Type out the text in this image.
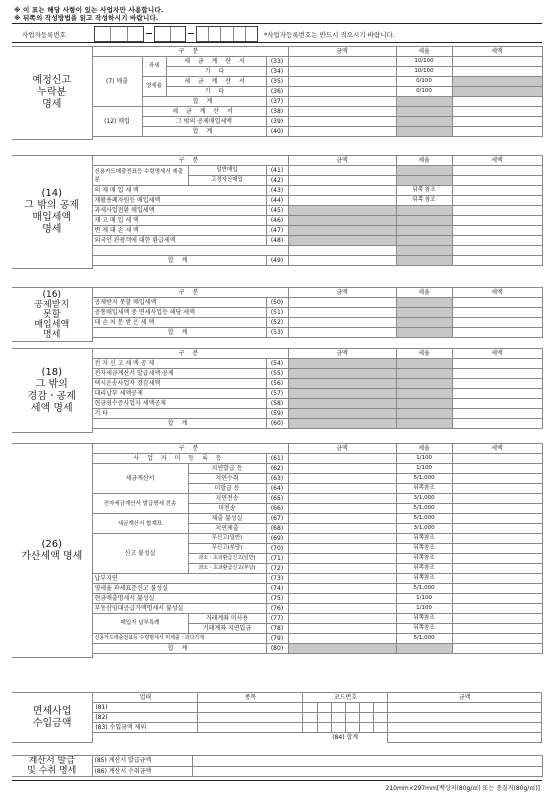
※ 이 표는 해당 사항이 있는 사업자만 사용합니다.
※ 뒤쪽의 작성방법을 읽고 작성하시기 바랍니다.
사업자등록번호	*사업자등록번호는 반드시 적으시기 바랍니다.
예정신고
누락분
명세	구 분				금액	세율	세액
	(7) 매출	과세	세 금 계 산 서	(33)		10/100	
			기 타	(34)		10/100	
		영세율	세 금 계 산 서	(35)		0/100	
			기 타	(36)		0/100	
		합 계		(37)			
	(12) 매입	세 금 계 산 서		(38)			
		그 밖의 공제매입세액		(39)			
		합 계		(40)			

(14)
그 밖의 공제
매입세액
명세	구 분			금액	세율	세액
	신용카드매출전표등 수령명세서 제출분	일반매입	(41)			
		고정자산매입	(42)			
	의 제 매 입 세 액		(43)		뒤쪽 참조	
	재활용폐자원등 매입세액		(44)		뒤쪽 참조	
	과세사업전환 매입세액		(45)			
	재 고 매 입 세 액		(46)			
	변 제 대 손 세 액		(47)			
	외국인 관광객에 대한 환급세액		(48)			

	합 계		(49)			

(16)
공제받지
못할
매입세액
명세	구 분		금액	세율	세액
	공제받지 못할 매입세액	(50)			
	공통매입세액 중 면세사업등 해당 세액	(51)			
	대 손 처 분 받 은 세 액	(52)			
	합 계	(53)			

(18)
그 밖의
경감ㆍ공제
세액 명세	구 분		금액	세율	세액
	전 자 신 고 세 액 공 제	(54)			
	전자세금계산서 발급세액 공제	(55)			
	택시운송사업자 경감세액	(56)			
	대리납부 세액공제	(57)			
	현금영수증사업자 세액공제	(58)			
	기 타	(59)			
	합 계	(60)			

(26)
가산세액 명세	구 분			금액	세율	세액
	사 업 자 미 등 록 등		(61)		1/100	
	세금계산서	지연발급 등	(62)		1/100	
		지연수취	(63)		5/1,000	
		미발급 등	(64)		뒤쪽참조	
	전자세금계산서 발급명세 전송	지연전송	(65)		3/1,000	
		미전송	(66)		5/1,000	
	세금계산서 합계표	제출 불성실	(67)		5/1,000	
		지연제출	(68)		3/1,000	
	신고 불성실	무신고(일반)	(69)		뒤쪽참조	
		무신고(부당)	(70)		뒤쪽참조	
		과소ㆍ초과환급신고(일반)	(71)		뒤쪽참조	
		과소ㆍ초과환급신고(부당)	(72)		뒤쪽참조	
	납부지연		(73)		뒤쪽참조	
	영세율 과세표준신고 불성실		(74)		5/1,000	
	현금매출명세서 불성실		(75)		1/100	
	부동산임대공급가액명세서 불성실		(76)		1/100	
	매입자 납부특례	거래계좌 미사용	(77)		뒤쪽참조	
		거래계좌 지연입금	(78)		뒤쪽참조	
	신용카드매출전표등 수령명세서 미제출ㆍ과다기재		(79)		5/1,000	
	합 계		(80)			

면세사업
수입금액	업태	종목	코드번호						금액
	(81)								
	(82)								
	(83) 수입금액 제외								
			(84) 합계						
계산서 발급
및 수취 명세	(85) 계산서 발급금액	
	(86) 계산서 수취금액	
210mm×297mm[백상지(80g/㎡) 또는 중질지(80g/㎡)]
